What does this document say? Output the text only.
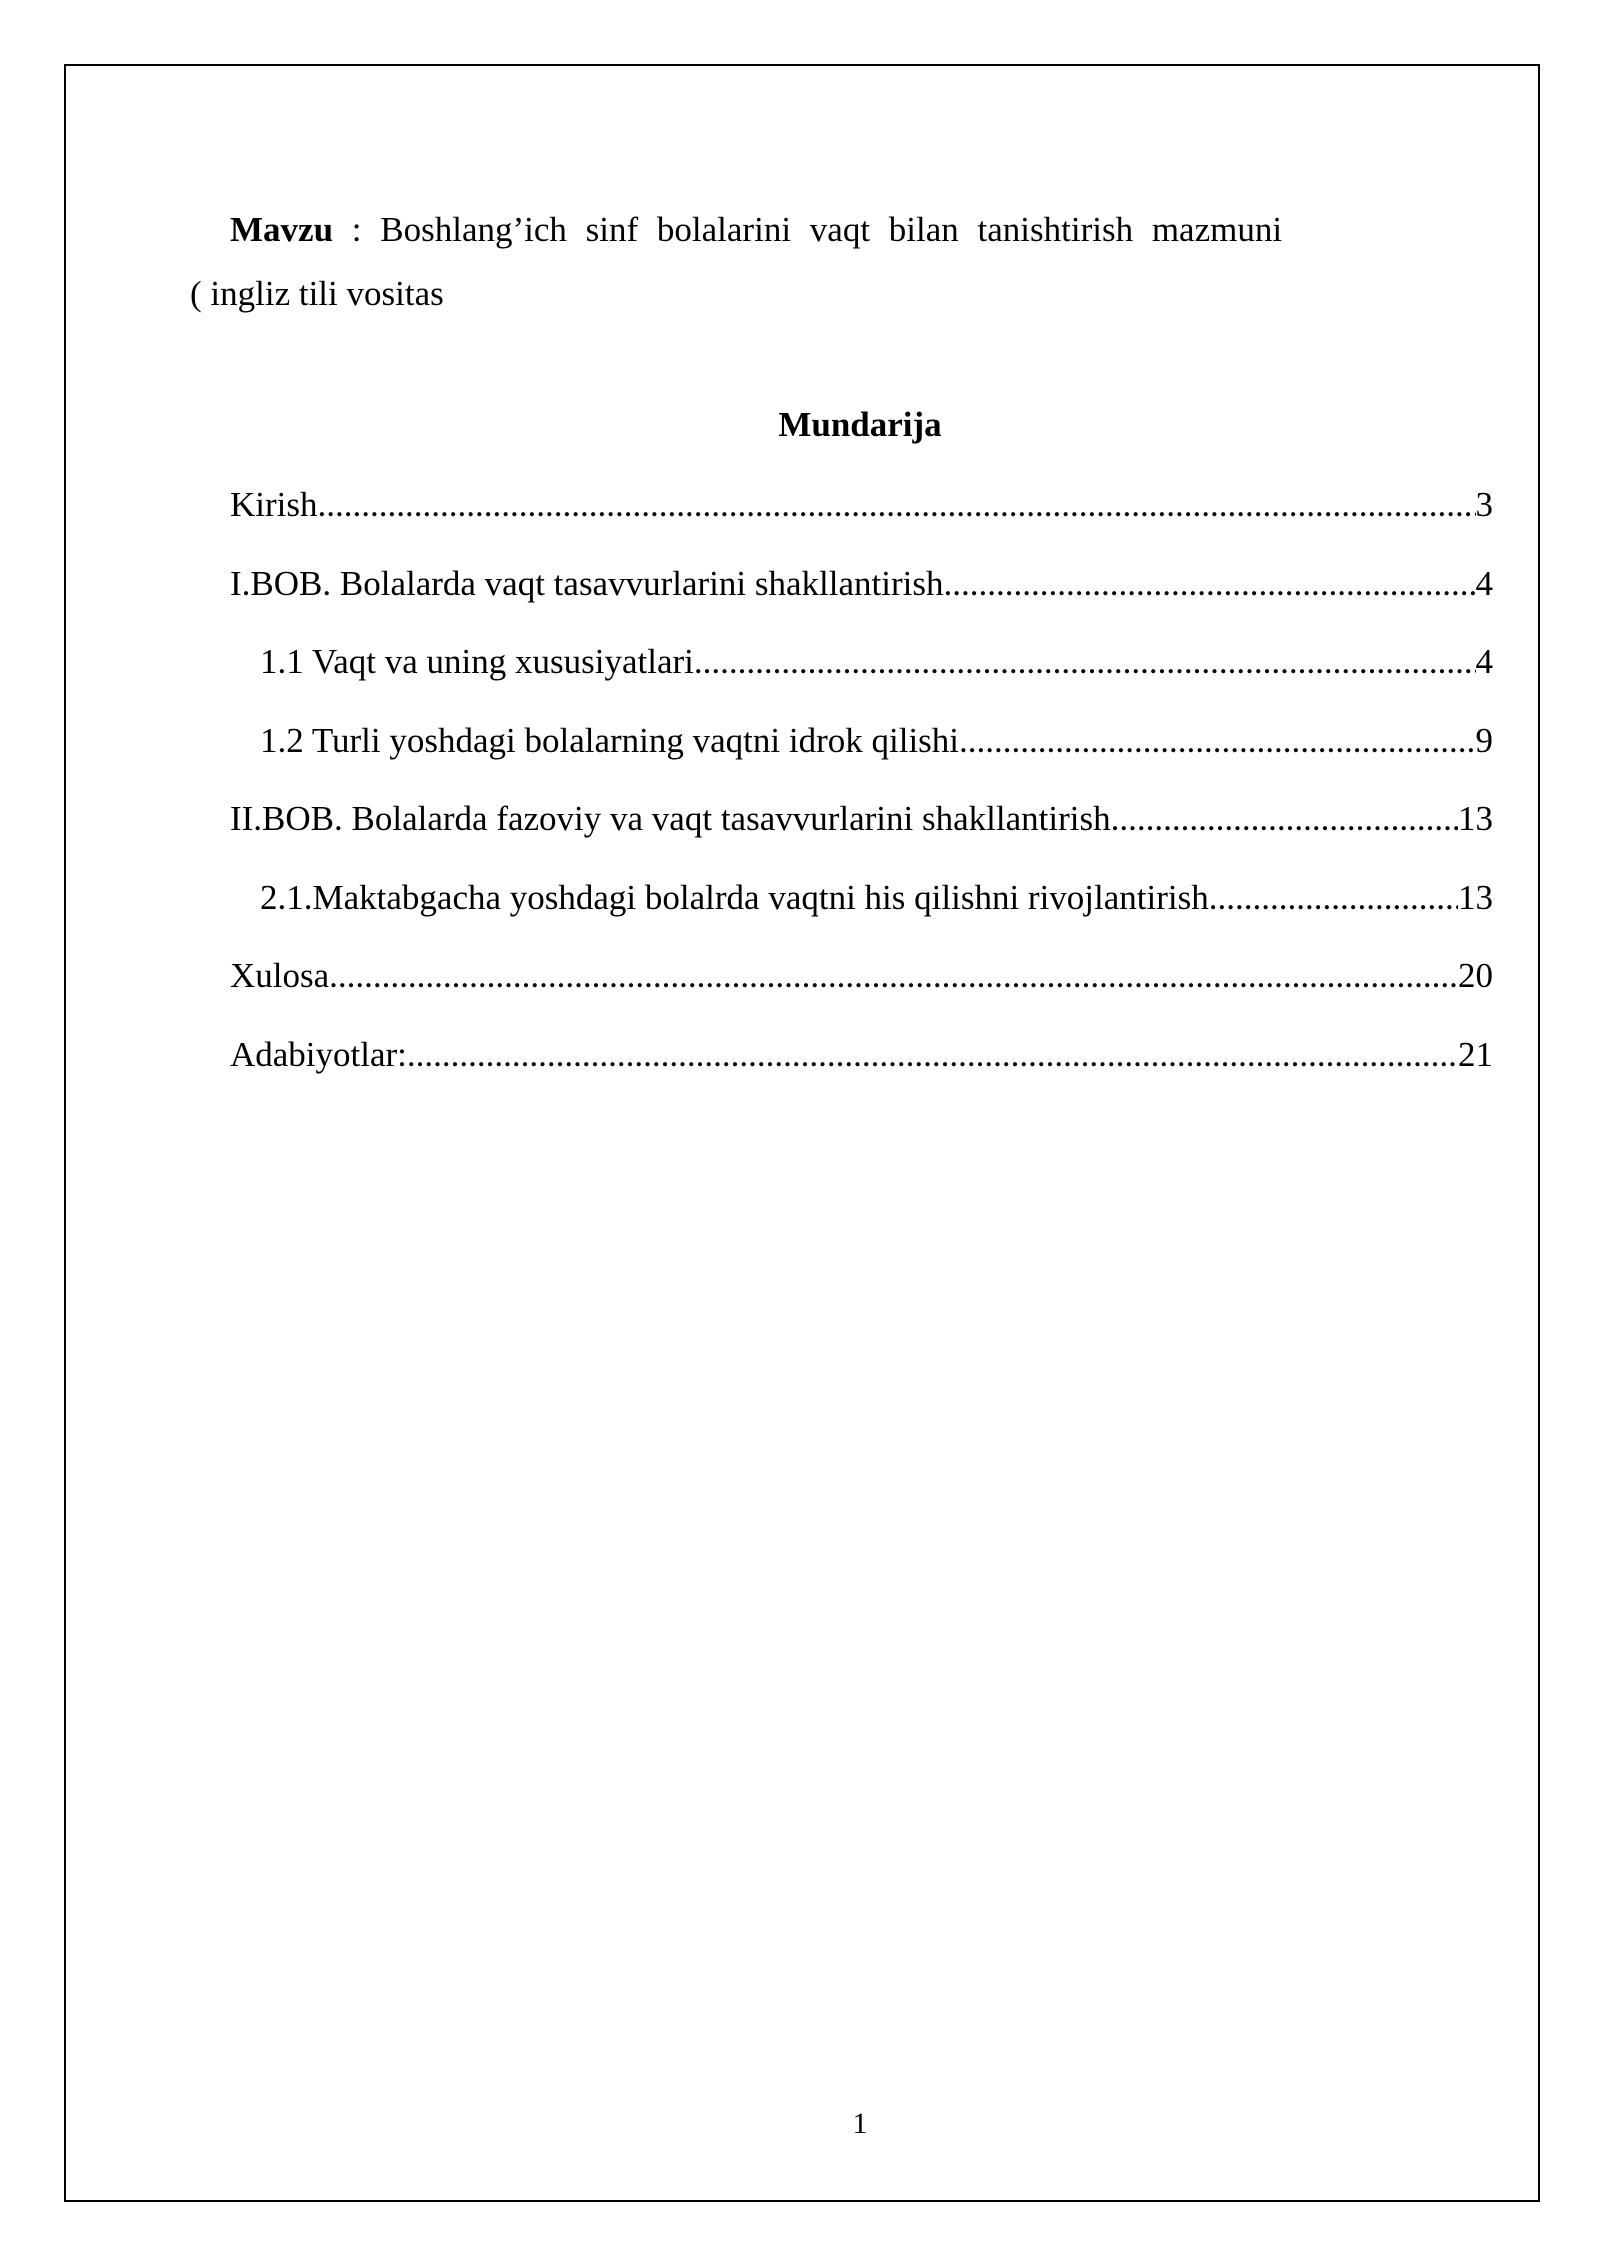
Mavzu : Boshlang’ich sinf bolalarini vaqt bilan tanishtirish mazmuni
( ingliz tili vositas
Mundarija
Kirish .....	3
I.BOB. Bolalarda vaqt tasavvurlarini shakllantirish .....	4
1.1 Vaqt va uning xususiyatlari .....	4
1.2 Turli yoshdagi bolalarning vaqtni idrok qilishi .....	9
II.BOB. Bolalarda fazoviy va vaqt tasavvurlarini shakllantirish .....	13
2.1.Maktabgacha yoshdagi bolalrda vaqtni his qilishni rivojlantirish .....	13
Xulosa .....	20
Adabiyotlar: .....	21
1
